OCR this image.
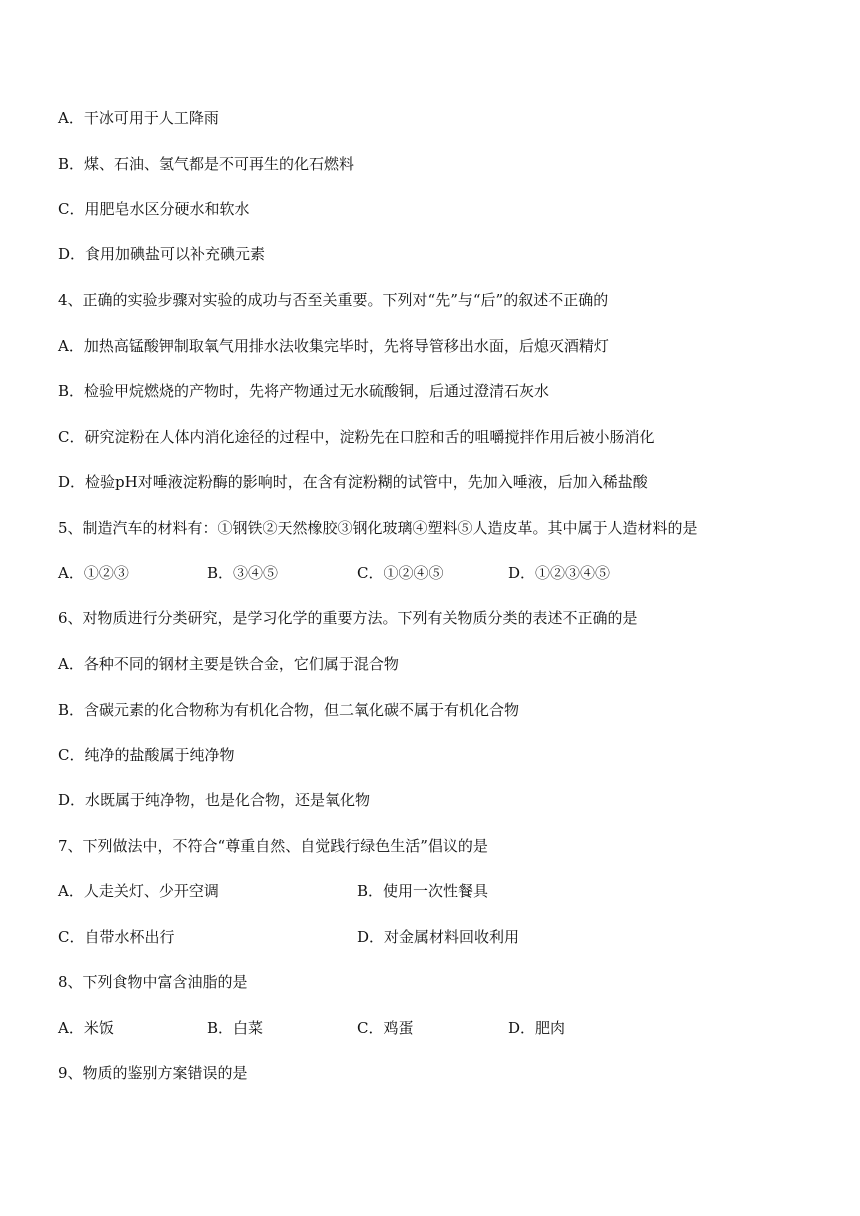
A．干冰可用于人工降雨
B．煤、石油、氢气都是不可再生的化石燃料
C．用肥皂水区分硬水和软水
D．食用加碘盐可以补充碘元素
4、正确的实验步骤对实验的成功与否至关重要。下列对“先”与“后”的叙述不正确的
A．加热高锰酸钾制取氧气用排水法收集完毕时，先将导管移出水面，后熄灭酒精灯
B．检验甲烷燃烧的产物时，先将产物通过无水硫酸铜，后通过澄清石灰水
C．研究淀粉在人体内消化途径的过程中，淀粉先在口腔和舌的咀嚼搅拌作用后被小肠消化
D．检验pH对唾液淀粉酶的影响时，在含有淀粉糊的试管中，先加入唾液，后加入稀盐酸
5、制造汽车的材料有：①钢铁②天然橡胶③钢化玻璃④塑料⑤人造皮革。其中属于人造材料的是
A．①②③	B．③④⑤	C．①②④⑤	D．①②③④⑤
6、对物质进行分类研究，是学习化学的重要方法。下列有关物质分类的表述不正确的是
A．各种不同的钢材主要是铁合金，它们属于混合物
B．含碳元素的化合物称为有机化合物，但二氧化碳不属于有机化合物
C．纯净的盐酸属于纯净物
D．水既属于纯净物，也是化合物，还是氧化物
7、下列做法中，不符合“尊重自然、自觉践行绿色生活”倡议的是
A．人走关灯、少开空调	B．使用一次性餐具
C．自带水杯出行	D．对金属材料回收利用
8、下列食物中富含油脂的是
A．米饭	B．白菜	C．鸡蛋	D．肥肉
9、物质的鉴别方案错误的是
